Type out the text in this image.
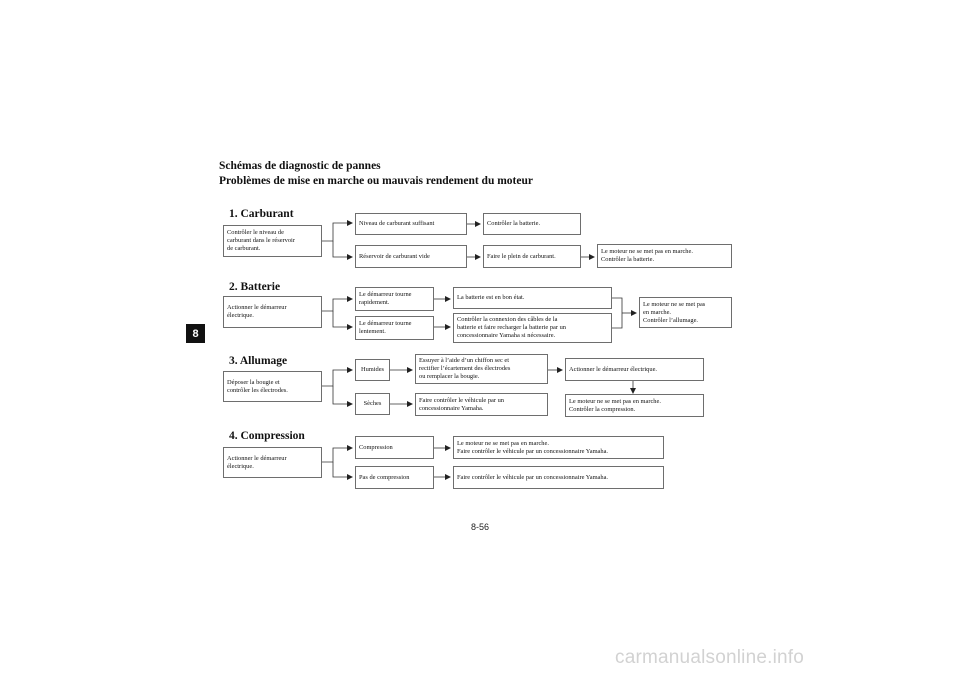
Schémas de diagnostic de pannes
Problèmes de mise en marche ou mauvais rendement du moteur
8
1. Carburant
Contrôler le niveau de
carburant dans le réservoir
de carburant.
Niveau de carburant suffisant	Contrôler la batterie.
Réservoir de carburant vide	Faire le plein de carburant.
Le moteur ne se met pas en marche.
Contrôler la batterie.
2. Batterie
Actionner le démarreur
électrique.
Le démarreur tourne
rapidement.
La batterie est en bon état.
Le démarreur tourne
lentement.
Contrôler la connexion des câbles de la
batterie et faire recharger la batterie par un
concessionnaire Yamaha si nécessaire.
Le moteur ne se met pas
en marche.
Contrôler l’allumage.
3. Allumage
Déposer la bougie et
contrôler les électrodes.
Humides
Essuyer à l’aide d’un chiffon sec et
rectifier l’écartement des électrodes
ou remplacer la bougie.
Sèches	Faire contrôler le véhicule par un
concessionnaire Yamaha.
Actionner le démarreur électrique.
Le moteur ne se met pas en marche.
Contrôler la compression.
4. Compression
Actionner le démarreur
électrique.
Compression
Le moteur ne se met pas en marche.
Faire contrôler le véhicule par un concessionnaire Yamaha.
Pas de compression	Faire contrôler le véhicule par un concessionnaire Yamaha.
8-56
carmanualsonline.info
